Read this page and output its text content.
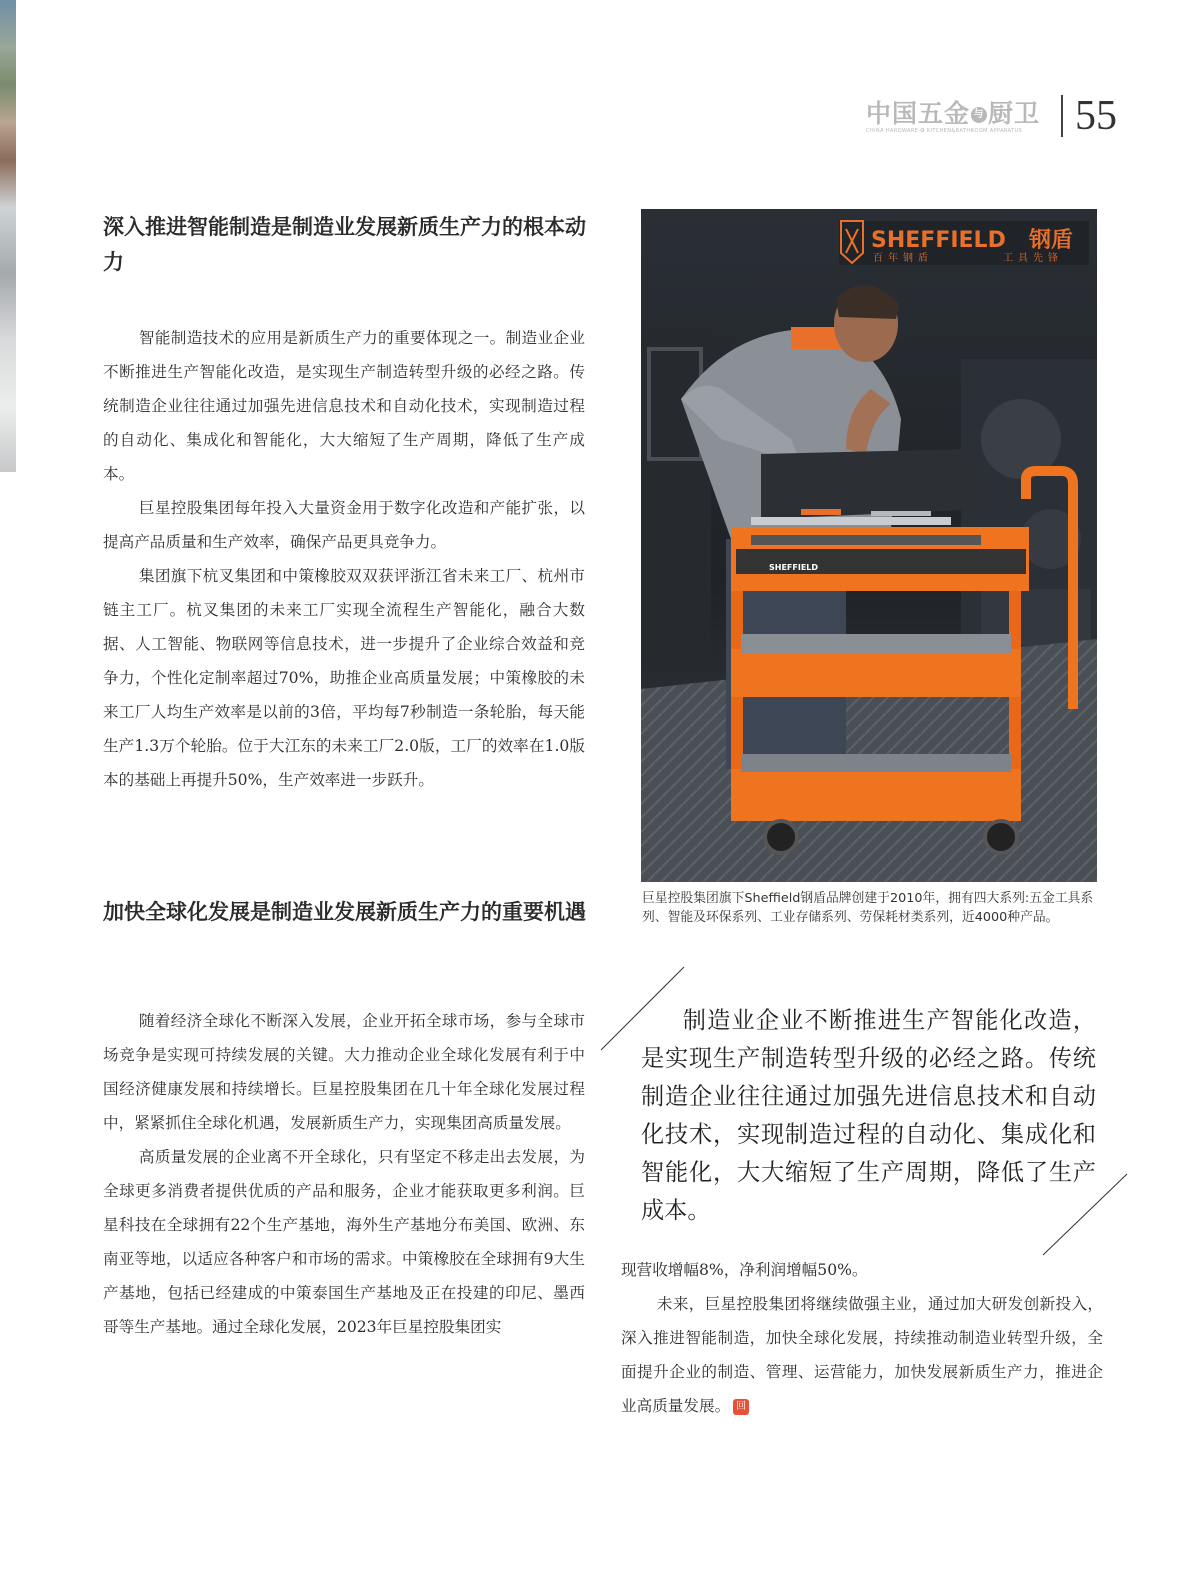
中国五金 与 厨卫
CHINA HARDWARE ✪ KITCHEN&BATHROOM APPARATUS	55
深入推进智能制造是制造业发展新质生产力的根本动力

智能制造技术的应用是新质生产力的重要体现之一。制造业企业不断推进生产智能化改造，是实现生产制造转型升级的必经之路。传统制造企业往往通过加强先进信息技术和自动化技术，实现制造过程的自动化、集成化和智能化，大大缩短了生产周期，降低了生产成本。

巨星控股集团每年投入大量资金用于数字化改造和产能扩张，以提高产品质量和生产效率，确保产品更具竞争力。

集团旗下杭叉集团和中策橡胶双双获评浙江省未来工厂、杭州市链主工厂。杭叉集团的未来工厂实现全流程生产智能化，融合大数据、人工智能、物联网等信息技术，进一步提升了企业综合效益和竞争力，个性化定制率超过70%，助推企业高质量发展；中策橡胶的未来工厂人均生产效率是以前的3倍，平均每7秒制造一条轮胎，每天能生产1.3万个轮胎。位于大江东的未来工厂2.0版，工厂的效率在1.0版本的基础上再提升50%，生产效率进一步跃升。

加快全球化发展是制造业发展新质生产力的重要机遇

随着经济全球化不断深入发展，企业开拓全球市场，参与全球市场竞争是实现可持续发展的关键。大力推动企业全球化发展有利于中国经济健康发展和持续增长。巨星控股集团在几十年全球化发展过程中，紧紧抓住全球化机遇，发展新质生产力，实现集团高质量发展。

高质量发展的企业离不开全球化，只有坚定不移走出去发展，为全球更多消费者提供优质的产品和服务，企业才能获取更多利润。巨星科技在全球拥有22个生产基地，海外生产基地分布美国、欧洲、东南亚等地，以适应各种客户和市场的需求。中策橡胶在全球拥有9大生产基地，包括已经建成的中策泰国生产基地及正在投建的印尼、墨西哥等生产基地。通过全球化发展，2023年巨星控股集团实

SHEFFIELD 钢盾
百年钢盾	工具先锋
SHEFFIELD
巨星控股集团旗下Sheffield钢盾品牌创建于2010年，拥有四大系列:五金工具系列、智能及环保系列、工业存储系列、劳保耗材类系列，近4000种产品。
制造业企业不断推进生产智能化改造，是实现生产制造转型升级的必经之路。传统制造企业往往通过加强先进信息技术和自动化技术，实现制造过程的自动化、集成化和智能化，大大缩短了生产周期，降低了生产成本。

现营收增幅8%，净利润增幅50%。

未来，巨星控股集团将继续做强主业，通过加大研发创新投入，深入推进智能制造，加快全球化发展，持续推动制造业转型升级，全面提升企业的制造、管理、运营能力，加快发展新质生产力，推进企业高质量发展。 回
